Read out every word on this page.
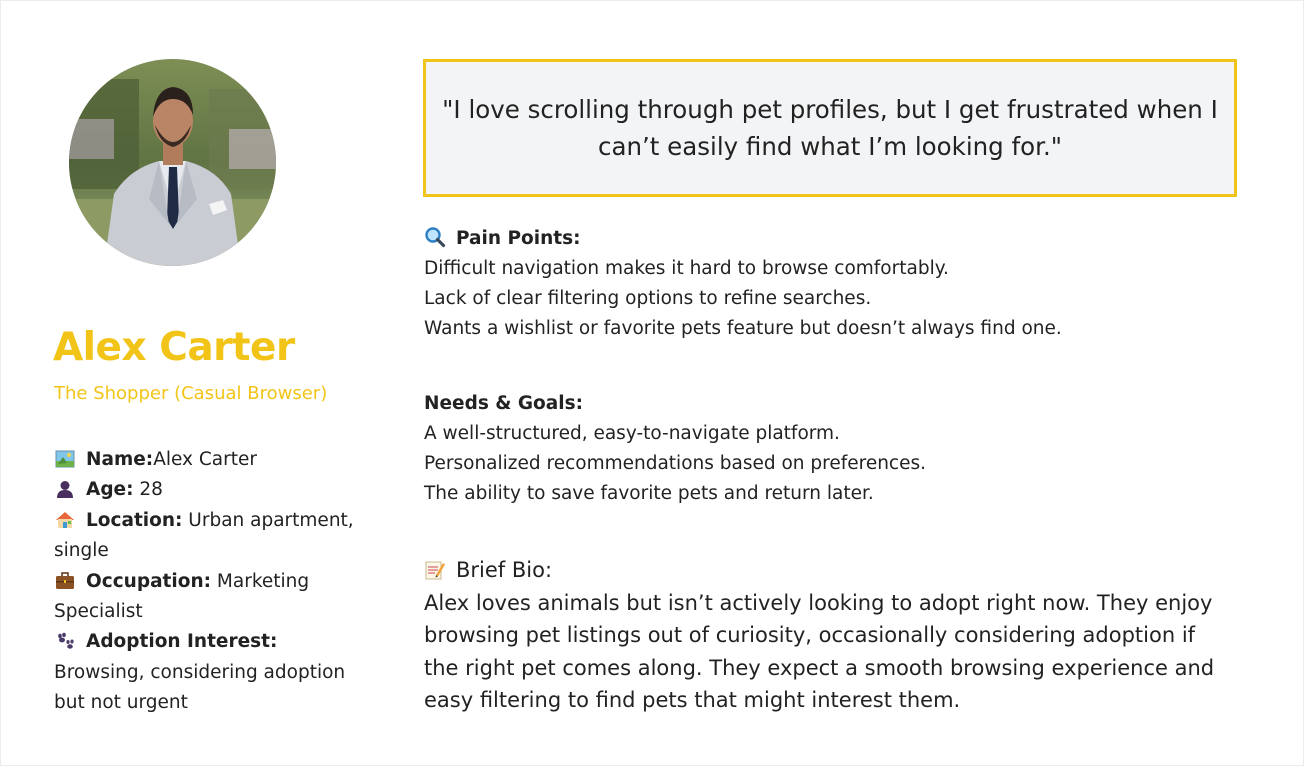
Alex Carter
The Shopper (Casual Browser)
Name:Alex Carter
Age: 28
Location: Urban apartment, single
Occupation: Marketing Specialist
Adoption Interest: Browsing, considering adoption but not urgent
"I love scrolling through pet profiles, but I get frustrated when I can’t easily find what I’m looking for."
Pain Points:
Difficult navigation makes it hard to browse comfortably.
Lack of clear filtering options to refine searches.
Wants a wishlist or favorite pets feature but doesn’t always find one.
Needs & Goals:
A well-structured, easy-to-navigate platform.
Personalized recommendations based on preferences.
The ability to save favorite pets and return later.
Brief Bio:
Alex loves animals but isn’t actively looking to adopt right now. They enjoy
browsing pet listings out of curiosity, occasionally considering adoption if
the right pet comes along. They expect a smooth browsing experience and
easy filtering to find pets that might interest them.
